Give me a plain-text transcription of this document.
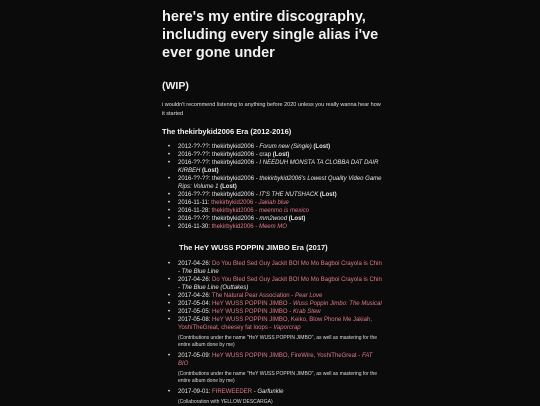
here's my entire discography, including every single alias i've ever gone under

(WIP)

i wouldn't recommend listening to anything before 2020 unless you really wanna hear how it started

The thekirbykid2006 Era (2012-2016)
• 2012-??-??: thekirbykid2006 - Forum new (Single) (Lost)
• 2016-??-??: thekirbykid2006 - crap (Lost)
• 2016-??-??: thekirbykid2006 - I NEEDUH MONSTA TA CLOBBA DAT DAIR KIRBEH (Lost)
• 2016-??-??: thekirbykid2006 - thekirbykid2006's Lowest Quality Video Game Rips: Volume 1 (Lost)
• 2016-??-??: thekirbykid2006 - IT'S THE NUTSHACK (Lost)
• 2016-11-11: thekirbykid2006 - Jakiah blue
• 2016-11-28: thekirbykid2006 - meenmo is mexico
• 2016-??-??: thekirbykid2006 - mm2wood (Lost)
• 2016-11-30: thekirbykid2006 - Meem MO
The HeY WUSS POPPIN JIMBO Era (2017)
• 2017-04-26: Do You Bled Sed Guy Jackit BOI Mo Mo Bagboi Crayola is Chin - The Blue Line
• 2017-04-26: Do You Bled Sed Guy Jackit BOI Mo Mo Bagboi Crayola is Chin - The Blue Line (Outtakes)
• 2017-04-26: The Natural Pear Association - Pear Love
• 2017-05-04: HeY WUSS POPPIN JIMBO - Wuss Poppin Jimbo: The Musical
• 2017-05-05: HeY WUSS POPPIN JIMBO - Krab Stew
• 2017-05-08: HeY WUSS POPPIN JIMBO, Keiko, Blow Phone Me Jakiah, YoshiTheGreat, cheesey fat loops - Vaporcrap
(Contributions under the name "HeY WUSS POPPIN JIMBO", as well as mastering for the entire album done by me)
• 2017-05-09: HeY WUSS POPPIN JIMBO, FireWire, YoshiTheGreat - FAT BIO
(Contributions under the name "HeY WUSS POPPIN JIMBO", as well as mastering for the entire album done by me)
• 2017-09-01: FIREWEEDER - Garfunkle
(Collaboration with YELLOW DESCARGA)
